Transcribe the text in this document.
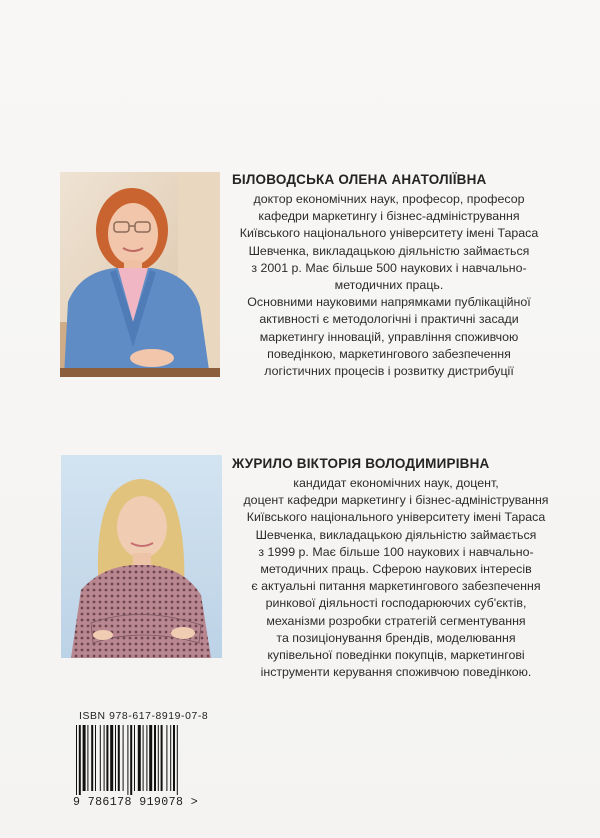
БІЛОВОДСЬКА ОЛЕНА АНАТОЛІЇВНА
доктор економічних наук, професор, професор
кафедри маркетингу і бізнес-адміністрування
Київського національного університету імені Тараса
Шевченка, викладацькою діяльністю займається
з 2001 р. Має більше 500 наукових і навчально-
методичних праць.
Основними науковими напрямками публікаційної
активності є методологічні і практичні засади
маркетингу інновацій, управління споживчою
поведінкою, маркетингового забезпечення
логістичних процесів і розвитку дистрибуції
ЖУРИЛО ВІКТОРІЯ ВОЛОДИМИРІВНА
кандидат економічних наук, доцент,
доцент кафедри маркетингу і бізнес-адміністрування
Київського національного університету імені Тараса
Шевченка, викладацькою діяльністю займається
з 1999 р. Має більше 100 наукових і навчально-
методичних праць. Сферою наукових інтересів
є актуальні питання маркетингового забезпечення
ринкової діяльності господарюючих суб'єктів,
механізми розробки стратегій сегментування
та позиціонування брендів, моделювання
купівельної поведінки покупців, маркетингові
інструменти керування споживчою поведінкою.
ISBN 978-617-8919-07-8
9 786178 919078 >
